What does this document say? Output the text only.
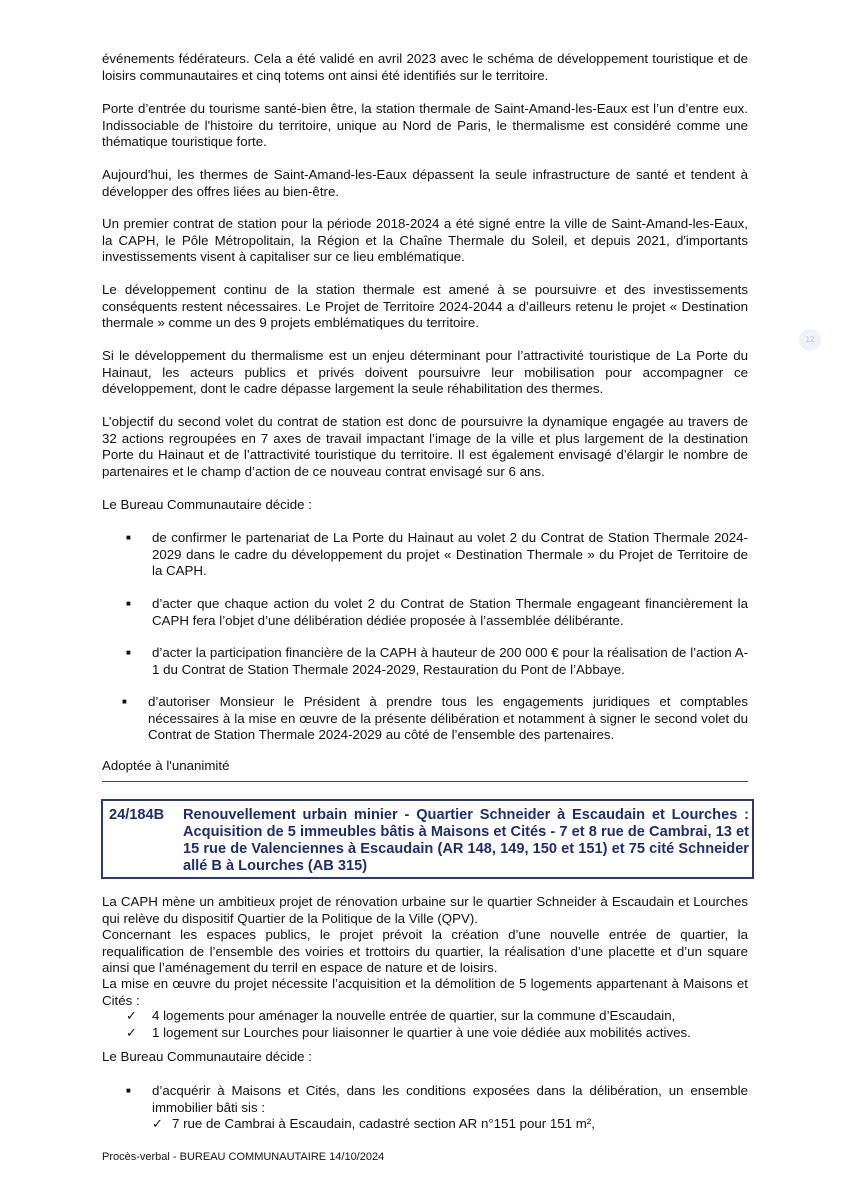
événements fédérateurs. Cela a été validé en avril 2023 avec le schéma de développement touristique et de loisirs communautaires et cinq totems ont ainsi été identifiés sur le territoire.

Porte d’entrée du tourisme santé-bien être, la station thermale de Saint-Amand-les-Eaux est l’un d’entre eux. Indissociable de l'histoire du territoire, unique au Nord de Paris, le thermalisme est considéré comme une thématique touristique forte.

Aujourd'hui, les thermes de Saint-Amand-les-Eaux dépassent la seule infrastructure de santé et tendent à développer des offres liées au bien-être.

Un premier contrat de station pour la période 2018-2024 a été signé entre la ville de Saint-Amand-les-Eaux, la CAPH, le Pôle Métropolitain, la Région et la Chaîne Thermale du Soleil, et depuis 2021, d'importants investissements visent à capitaliser sur ce lieu emblématique.

Le développement continu de la station thermale est amené à se poursuivre et des investissements conséquents restent nécessaires. Le Projet de Territoire 2024-2044 a d’ailleurs retenu le projet « Destination thermale » comme un des 9 projets emblématiques du territoire.

Si le développement du thermalisme est un enjeu déterminant pour l’attractivité touristique de La Porte du Hainaut, les acteurs publics et privés doivent poursuivre leur mobilisation pour accompagner ce développement, dont le cadre dépasse largement la seule réhabilitation des thermes.

L’objectif du second volet du contrat de station est donc de poursuivre la dynamique engagée au travers de 32 actions regroupées en 7 axes de travail impactant l’image de la ville et plus largement de la destination Porte du Hainaut et de l’attractivité touristique du territoire. Il est également envisagé d’élargir le nombre de partenaires et le champ d’action de ce nouveau contrat envisagé sur 6 ans.

Le Bureau Communautaire décide :

■ de confirmer le partenariat de La Porte du Hainaut au volet 2 du Contrat de Station Thermale 2024-2029 dans le cadre du développement du projet « Destination Thermale » du Projet de Territoire de la CAPH.

■ d’acter que chaque action du volet 2 du Contrat de Station Thermale engageant financièrement la CAPH fera l’objet d’une délibération dédiée proposée à l’assemblée délibérante.

■ d’acter la participation financière de la CAPH à hauteur de 200 000 € pour la réalisation de l’action A-1 du Contrat de Station Thermale 2024-2029, Restauration du Pont de l’Abbaye.

■ d’autoriser Monsieur le Président à prendre tous les engagements juridiques et comptables nécessaires à la mise en œuvre de la présente délibération et notamment à signer le second volet du Contrat de Station Thermale 2024-2029 au côté de l’ensemble des partenaires.

Adoptée à l'unanimité

24/184B Renouvellement urbain minier - Quartier Schneider à Escaudain et Lourches : Acquisition de 5 immeubles bâtis à Maisons et Cités - 7 et 8 rue de Cambrai, 13 et 15 rue de Valenciennes à Escaudain (AR 148, 149, 150 et 151) et 75 cité Schneider allé B à Lourches (AB 315)

La CAPH mène un ambitieux projet de rénovation urbaine sur le quartier Schneider à Escaudain et Lourches qui relève du dispositif Quartier de la Politique de la Ville (QPV).

Concernant les espaces publics, le projet prévoit la création d’une nouvelle entrée de quartier, la requalification de l’ensemble des voiries et trottoirs du quartier, la réalisation d’une placette et d’un square ainsi que l’aménagement du terril en espace de nature et de loisirs.

La mise en œuvre du projet nécessite l’acquisition et la démolition de 5 logements appartenant à Maisons et Cités :

✓ 4 logements pour aménager la nouvelle entrée de quartier, sur la commune d’Escaudain,

✓ 1 logement sur Lourches pour liaisonner le quartier à une voie dédiée aux mobilités actives.

Le Bureau Communautaire décide :

■ d’acquérir à Maisons et Cités, dans les conditions exposées dans la délibération, un ensemble immobilier bâti sis :

✓ 7 rue de Cambrai à Escaudain, cadastré section AR n°151 pour 151 m²,

12
Procès-verbal - BUREAU COMMUNAUTAIRE 14/10/2024
